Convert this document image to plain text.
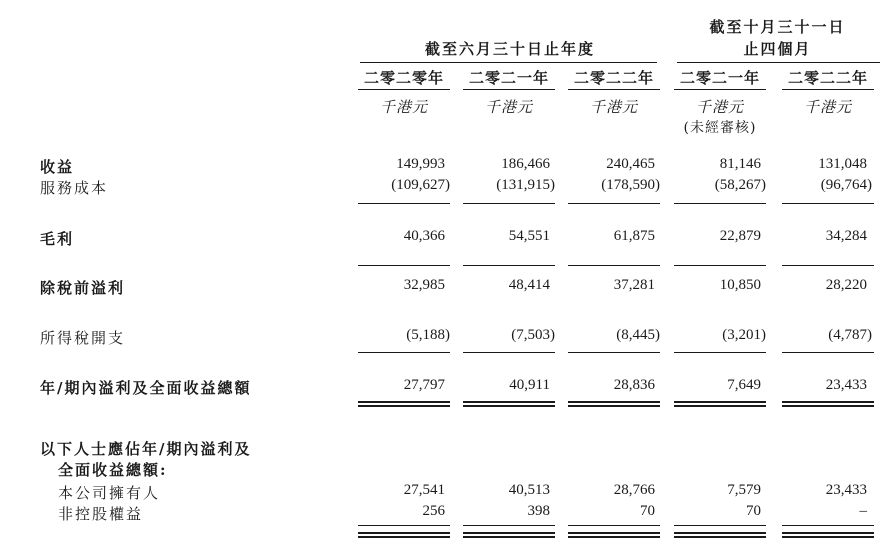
截至六月三十日止年度
截至十月三十一日
止四個月
二零二零年	二零二一年	二零二二年	二零二一年	二零二二年
千港元	千港元	千港元	千港元	千港元
(未經審核)
收益	149,993	186,466	240,465	81,146	131,048
服務成本	(109,627)	(131,915)	(178,590)	(58,267)	(96,764)
毛利	40,366	54,551	61,875	22,879	34,284
除稅前溢利	32,985	48,414	37,281	10,850	28,220
所得稅開支	(5,188)	(7,503)	(8,445)	(3,201)	(4,787)
年/期內溢利及全面收益總額	27,797	40,911	28,836	7,649	23,433
以下人士應佔年/期內溢利及
全面收益總額:
本公司擁有人	27,541	40,513	28,766	7,579	23,433
非控股權益	256	398	70	70	–
